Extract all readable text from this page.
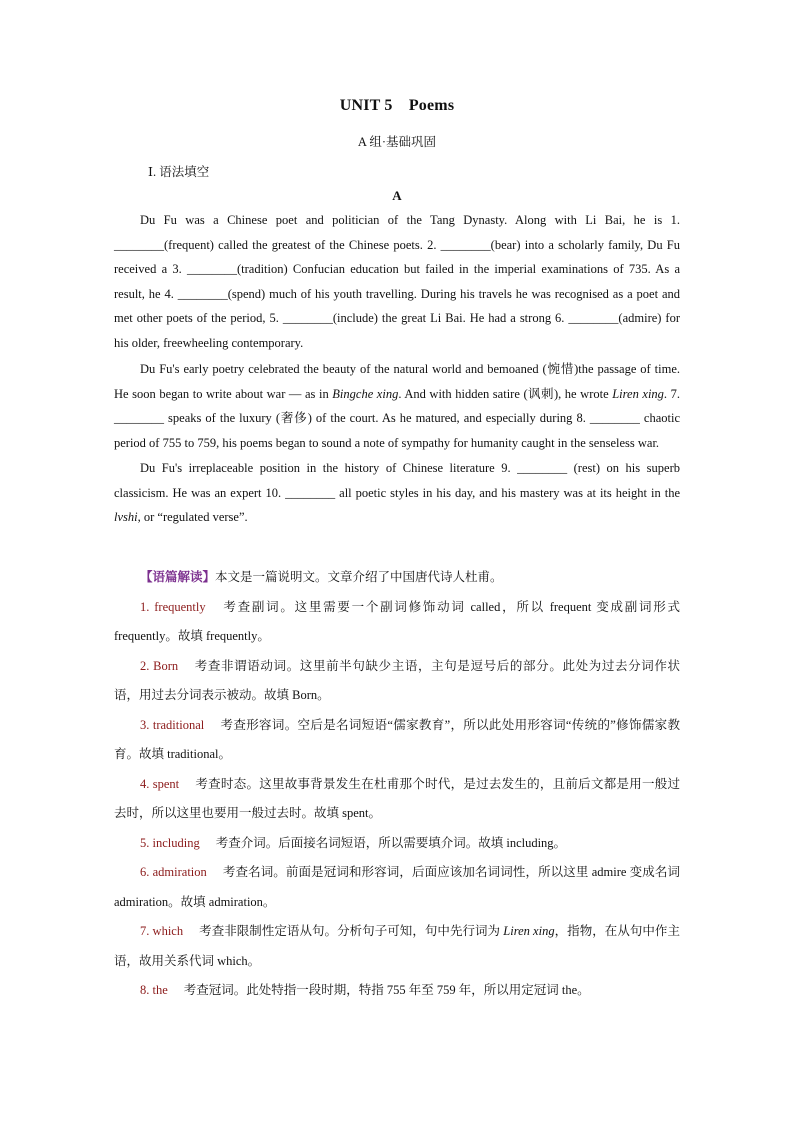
UNIT 5 Poems
A 组·基础巩固
Ⅰ. 语法填空
A

Du Fu was a Chinese poet and politician of the Tang Dynasty. Along with Li Bai, he is 1. ________(frequent) called the greatest of the Chinese poets. 2. ________(bear) into a scholarly family, Du Fu received a 3. ________(tradition) Confucian education but failed in the imperial examinations of 735. As a result, he 4. ________(spend) much of his youth travelling. During his travels he was recognised as a poet and met other poets of the period, 5. ________(include) the great Li Bai. He had a strong 6. ________(admire) for his older, freewheeling contemporary.

Du Fu's early poetry celebrated the beauty of the natural world and bemoaned (惋惜)the passage of time. He soon began to write about war — as in Bingche xing. And with hidden satire (讽刺), he wrote Liren xing. 7. ________ speaks of the luxury (奢侈) of the court. As he matured, and especially during 8. ________ chaotic period of 755 to 759, his poems began to sound a note of sympathy for humanity caught in the senseless war.

Du Fu's irreplaceable position in the history of Chinese literature 9. ________ (rest) on his superb classicism. He was an expert 10. ________ all poetic styles in his day, and his mastery was at its height in the lvshi, or “regulated verse”.

【语篇解读】本文是一篇说明文。文章介绍了中国唐代诗人杜甫。

1. frequently 考查副词。这里需要一个副词修饰动词 called，所以 frequent 变成副词形式 frequently。故填 frequently。

2. Born 考查非谓语动词。这里前半句缺少主语，主句是逗号后的部分。此处为过去分词作状语，用过去分词表示被动。故填 Born。

3. traditional 考查形容词。空后是名词短语“儒家教育”，所以此处用形容词“传统的”修饰儒家教育。故填 traditional。

4. spent 考查时态。这里故事背景发生在杜甫那个时代，是过去发生的，且前后文都是用一般过去时，所以这里也要用一般过去时。故填 spent。

5. including 考查介词。后面接名词短语，所以需要填介词。故填 including。

6. admiration 考查名词。前面是冠词和形容词，后面应该加名词词性，所以这里 admire 变成名词 admiration。故填 admiration。

7. which 考查非限制性定语从句。分析句子可知，句中先行词为 Liren xing，指物，在从句中作主语，故用关系代词 which。

8. the 考查冠词。此处特指一段时期，特指 755 年至 759 年，所以用定冠词 the。
